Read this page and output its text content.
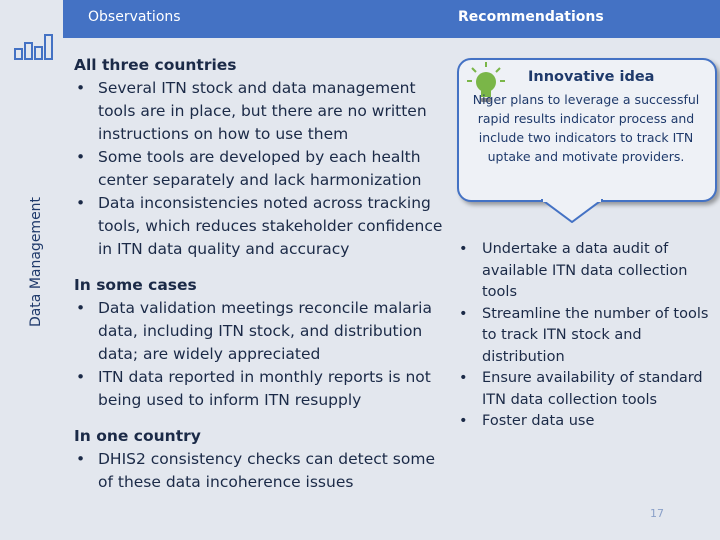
Data Management
Observations	Recommendations
All three countries
• Several ITN stock and data management tools are in place, but there are no written instructions on how to use them
• Some tools are developed by each health center separately and lack harmonization
• Data inconsistencies noted across tracking tools, which reduces stakeholder confidence in ITN data quality and accuracy
In some cases
• Data validation meetings reconcile malaria data, including ITN stock, and distribution data; are widely appreciated
• ITN data reported in monthly reports is not being used to inform ITN resupply
In one country
• DHIS2 consistency checks can detect some of these data incoherence issues
Innovative idea
Niger plans to leverage a successful rapid results indicator process and include two indicators to track ITN uptake and motivate providers.
• Undertake a data audit of available ITN data collection tools
• Streamline the number of tools to track ITN stock and distribution
• Ensure availability of standard ITN data collection tools
• Foster data use
17
